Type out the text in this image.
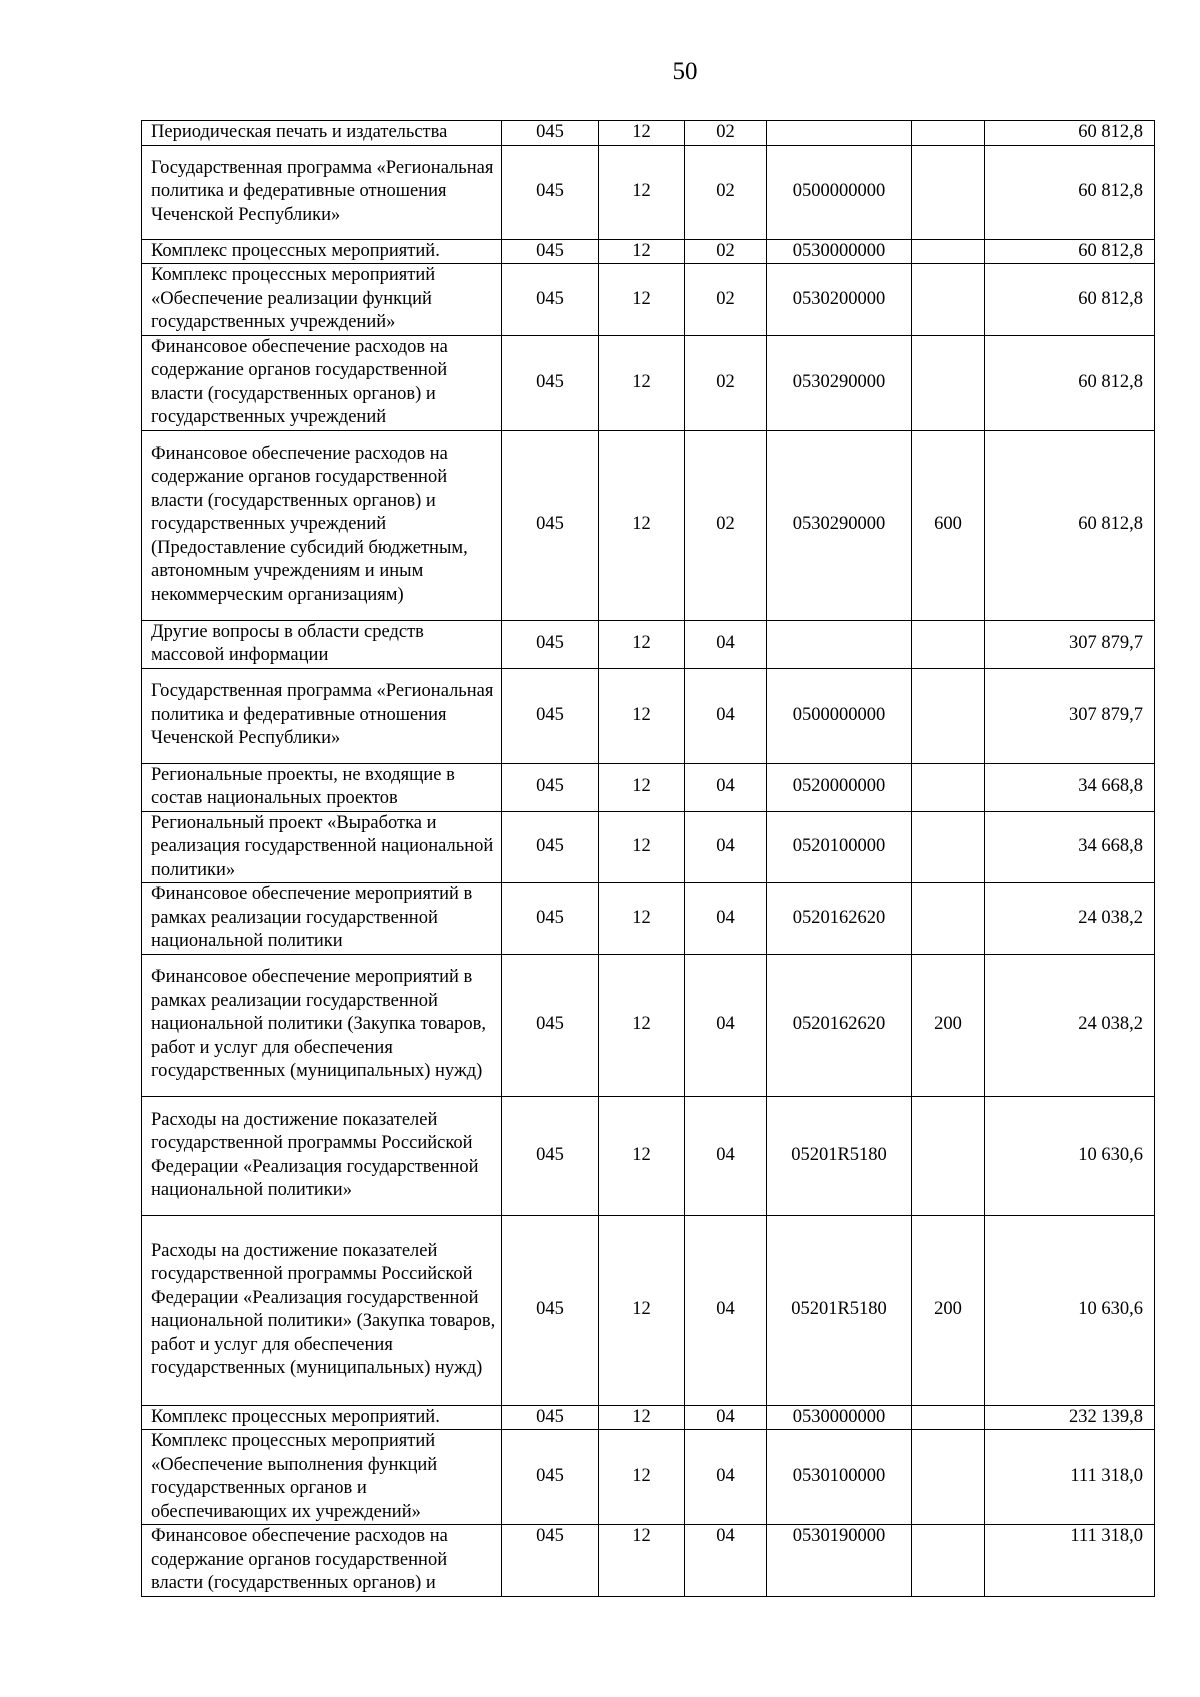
50
Периодическая печать и издательства	045	12	02			60 812,8
Государственная программа «Региональная политика и федеративные отношения Чеченской Республики»	045	12	02	0500000000		60 812,8
Комплекс процессных мероприятий.	045	12	02	0530000000		60 812,8
Комплекс процессных мероприятий «Обеспечение реализации функций государственных учреждений»	045	12	02	0530200000		60 812,8
Финансовое обеспечение расходов на содержание органов государственной власти (государственных органов) и государственных учреждений	045	12	02	0530290000		60 812,8
Финансовое обеспечение расходов на содержание органов государственной власти (государственных органов) и государственных учреждений (Предоставление субсидий бюджетным, автономным учреждениям и иным некоммерческим организациям)	045	12	02	0530290000	600	60 812,8
Другие вопросы в области средств массовой информации	045	12	04			307 879,7
Государственная программа «Региональная политика и федеративные отношения Чеченской Республики»	045	12	04	0500000000		307 879,7
Региональные проекты, не входящие в состав национальных проектов	045	12	04	0520000000		34 668,8
Региональный проект «Выработка и реализация государственной национальной политики»	045	12	04	0520100000		34 668,8
Финансовое обеспечение мероприятий в рамках реализации государственной национальной политики	045	12	04	0520162620		24 038,2
Финансовое обеспечение мероприятий в рамках реализации государственной национальной политики (Закупка товаров, работ и услуг для обеспечения государственных (муниципальных) нужд)	045	12	04	0520162620	200	24 038,2
Расходы на достижение показателей государственной программы Российской Федерации «Реализация государственной национальной политики»	045	12	04	05201R5180		10 630,6
Расходы на достижение показателей государственной программы Российской Федерации «Реализация государственной национальной политики» (Закупка товаров, работ и услуг для обеспечения государственных (муниципальных) нужд)	045	12	04	05201R5180	200	10 630,6
Комплекс процессных мероприятий.	045	12	04	0530000000		232 139,8
Комплекс процессных мероприятий «Обеспечение выполнения функций государственных органов и обеспечивающих их учреждений»	045	12	04	0530100000		111 318,0
Финансовое обеспечение расходов на содержание органов государственной власти (государственных органов) и	045	12	04	0530190000		111 318,0
